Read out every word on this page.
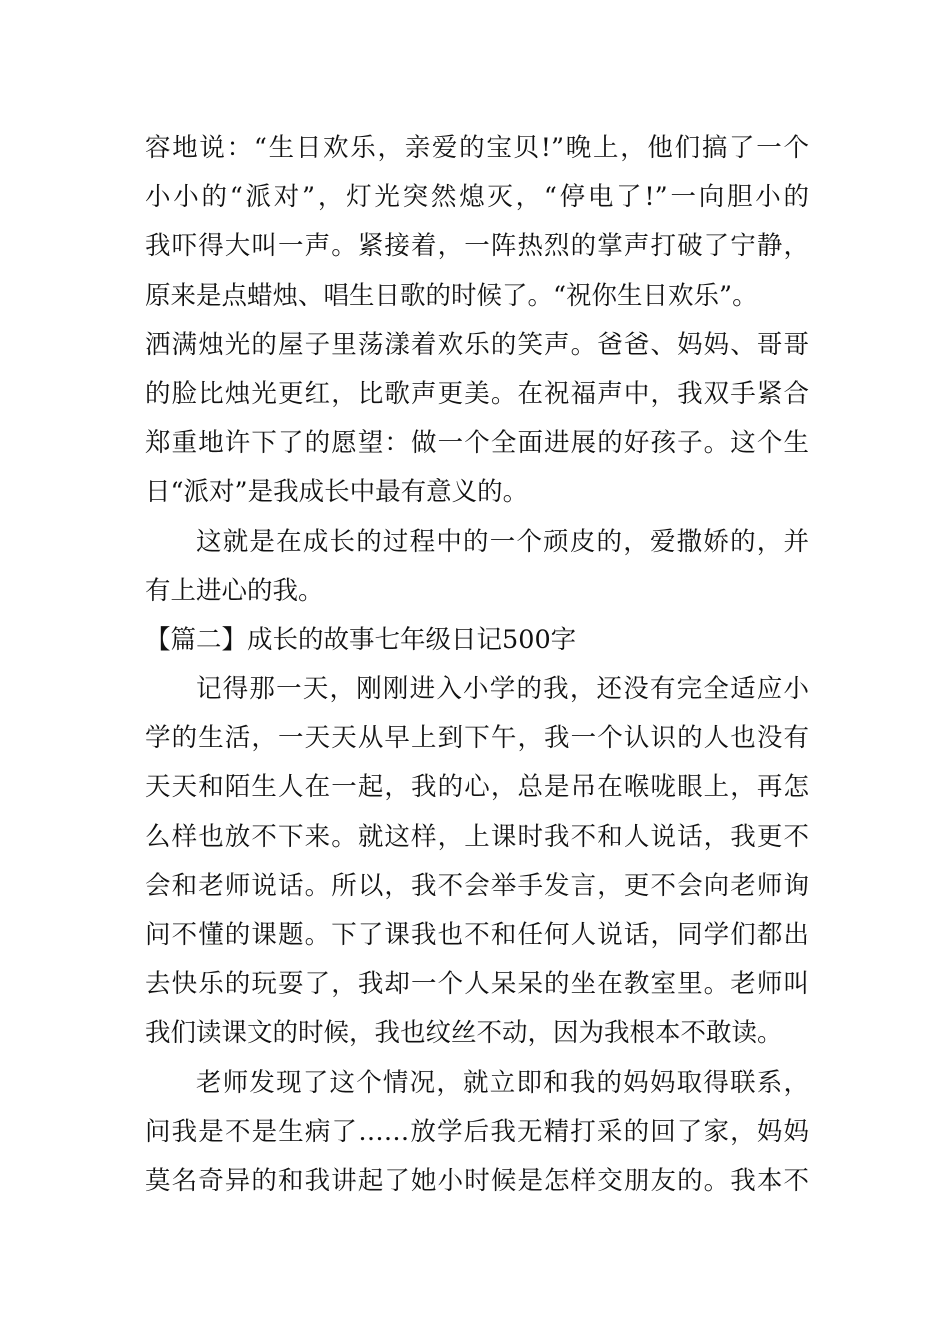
容地说：“生日欢乐，亲爱的宝贝!”晚上，他们搞了一个
小小的“派对”，灯光突然熄灭，“停电了!”一向胆小的
我吓得大叫一声。紧接着，一阵热烈的掌声打破了宁静，
原来是点蜡烛、唱生日歌的时候了。“祝你生日欢乐”。
洒满烛光的屋子里荡漾着欢乐的笑声。爸爸、妈妈、哥哥
的脸比烛光更红，比歌声更美。在祝福声中，我双手紧合
郑重地许下了的愿望：做一个全面进展的好孩子。这个生
日“派对”是我成长中最有意义的。
这就是在成长的过程中的一个顽皮的，爱撒娇的，并
有上进心的我。
【篇二】成长的故事七年级日记500字
记得那一天，刚刚进入小学的我，还没有完全适应小
学的生活，一天天从早上到下午，我一个认识的人也没有
天天和陌生人在一起，我的心，总是吊在喉咙眼上，再怎
么样也放不下来。就这样，上课时我不和人说话，我更不
会和老师说话。所以，我不会举手发言，更不会向老师询
问不懂的课题。下了课我也不和任何人说话，同学们都出
去快乐的玩耍了，我却一个人呆呆的坐在教室里。老师叫
我们读课文的时候，我也纹丝不动，因为我根本不敢读。
老师发现了这个情况，就立即和我的妈妈取得联系，
问我是不是生病了……放学后我无精打采的回了家，妈妈
莫名奇异的和我讲起了她小时候是怎样交朋友的。我本不
